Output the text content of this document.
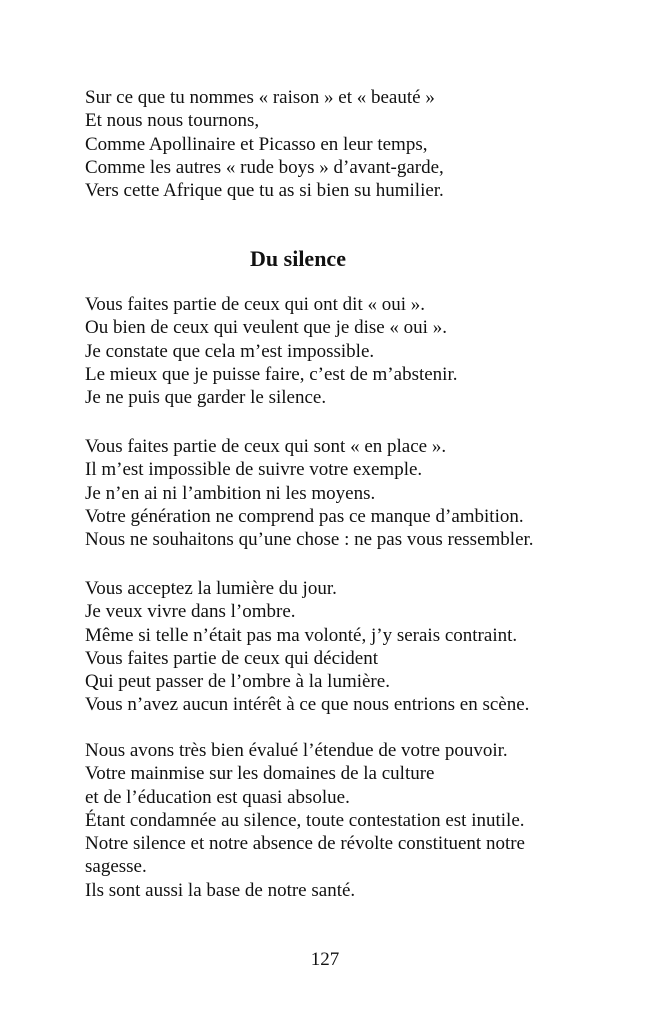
Sur ce que tu nommes « raison » et « beauté »
Et nous nous tournons,
Comme Apollinaire et Picasso en leur temps,
Comme les autres « rude boys » d’avant-garde,
Vers cette Afrique que tu as si bien su humilier.
Du silence
Vous faites partie de ceux qui ont dit « oui ».
Ou bien de ceux qui veulent que je dise « oui ».
Je constate que cela m’est impossible.
Le mieux que je puisse faire, c’est de m’abstenir.
Je ne puis que garder le silence.
Vous faites partie de ceux qui sont « en place ».
Il m’est impossible de suivre votre exemple.
Je n’en ai ni l’ambition ni les moyens.
Votre génération ne comprend pas ce manque d’ambition.
Nous ne souhaitons qu’une chose : ne pas vous ressembler.
Vous acceptez la lumière du jour.
Je veux vivre dans l’ombre.
Même si telle n’était pas ma volonté, j’y serais contraint.
Vous faites partie de ceux qui décident
Qui peut passer de l’ombre à la lumière.
Vous n’avez aucun intérêt à ce que nous entrions en scène.
Nous avons très bien évalué l’étendue de votre pouvoir.
Votre mainmise sur les domaines de la culture
et de l’éducation est quasi absolue.
Étant condamnée au silence, toute contestation est inutile.
Notre silence et notre absence de révolte constituent notre
sagesse.
Ils sont aussi la base de notre santé.
127
